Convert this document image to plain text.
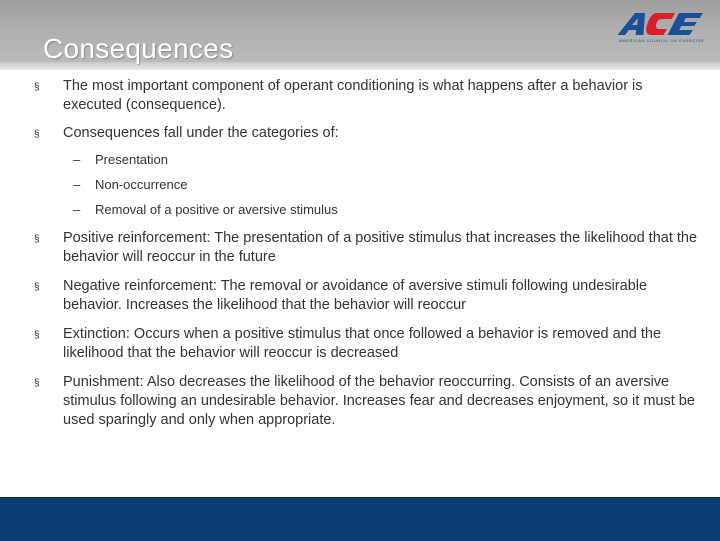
Consequences	AMERICAN COUNCIL ON EXERCISE
§ The most important component of operant conditioning is what happens after a behavior is executed (consequence).
§ Consequences fall under the categories of:
– Presentation
– Non-occurrence
– Removal of a positive or aversive stimulus
§ Positive reinforcement: The presentation of a positive stimulus that increases the likelihood that the behavior will reoccur in the future
§ Negative reinforcement: The removal or avoidance of aversive stimuli following undesirable behavior. Increases the likelihood that the behavior will reoccur
§ Extinction: Occurs when a positive stimulus that once followed a behavior is removed and the likelihood that the behavior will reoccur is decreased
§ Punishment: Also decreases the likelihood of the behavior reoccurring. Consists of an aversive stimulus following an undesirable behavior. Increases fear and decreases enjoyment, so it must be used sparingly and only when appropriate.
